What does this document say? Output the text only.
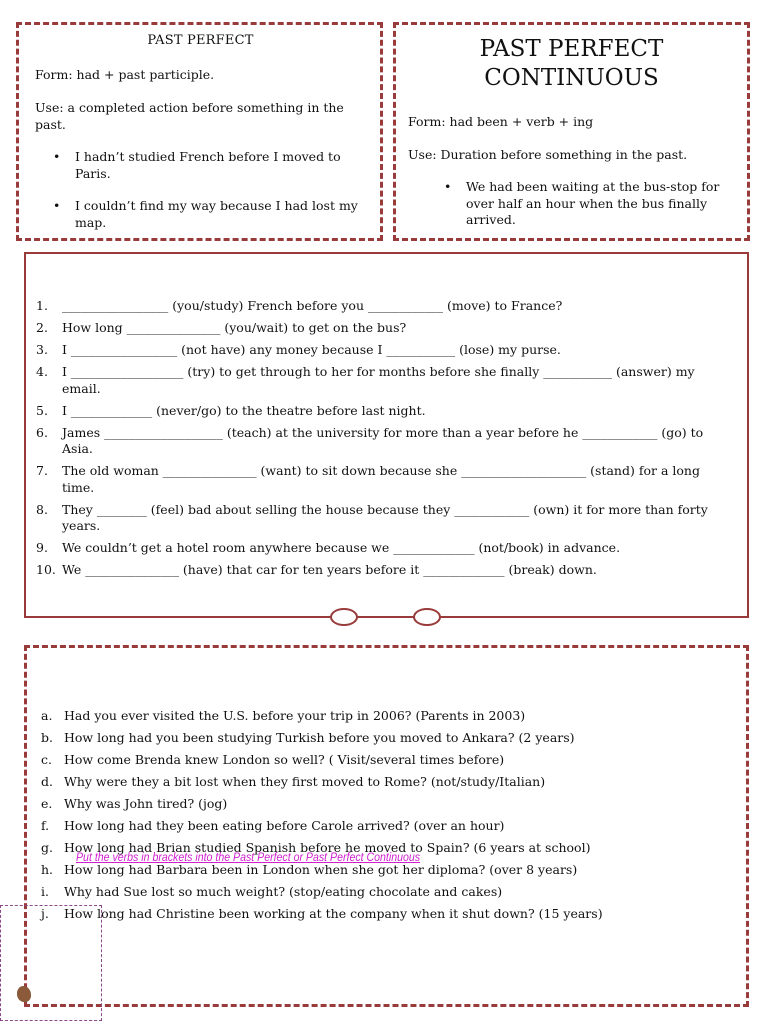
PAST PERFECT
Form: had + past participle.
Use: a completed action before something in the past.
• I hadn’t studied French before I moved to Paris.
• I couldn’t find my way because I had lost my map.
PAST PERFECT
CONTINUOUS
Form: had been + verb + ing
Use: Duration before something in the past.
• We had been waiting at the bus-stop for over half an hour when the bus finally arrived.
1. _________________ (you/study) French before you ____________ (move) to France?
2. How long _______________ (you/wait) to get on the bus?
3. I _________________ (not have) any money because I ___________ (lose) my purse.
4. I __________________ (try) to get through to her for months before she finally ___________ (answer) my email.
5. I _____________ (never/go) to the theatre before last night.
6. James ___________________ (teach) at the university for more than a year before he ____________ (go) to Asia.
7. The old woman _______________ (want) to sit down because she ____________________ (stand) for a long time.
8. They ________ (feel) bad about selling the house because they ____________ (own) it for more than forty years.
9. We couldn’t get a hotel room anywhere because we _____________ (not/book) in advance.
10. We _______________ (have) that car for ten years before it _____________ (break) down.
a. Had you ever visited the U.S. before your trip in 2006? (Parents in 2003)
b. How long had you been studying Turkish before you moved to Ankara? (2 years)
c. How come Brenda knew London so well? ( Visit/several times before)
d. Why were they a bit lost when they first moved to Rome? (not/study/Italian)
e. Why was John tired? (jog)
f. How long had they been eating before Carole arrived? (over an hour)
g. How long had Brian studied Spanish before he moved to Spain? (6 years at school)
h. How long had Barbara been in London when she got her diploma? (over 8 years)
i. Why had Sue lost so much weight? (stop/eating chocolate and cakes)
j. How long had Christine been working at the company when it shut down? (15 years)
Put the verbs in brackets into the Past Perfect or Past Perfect Continuous
